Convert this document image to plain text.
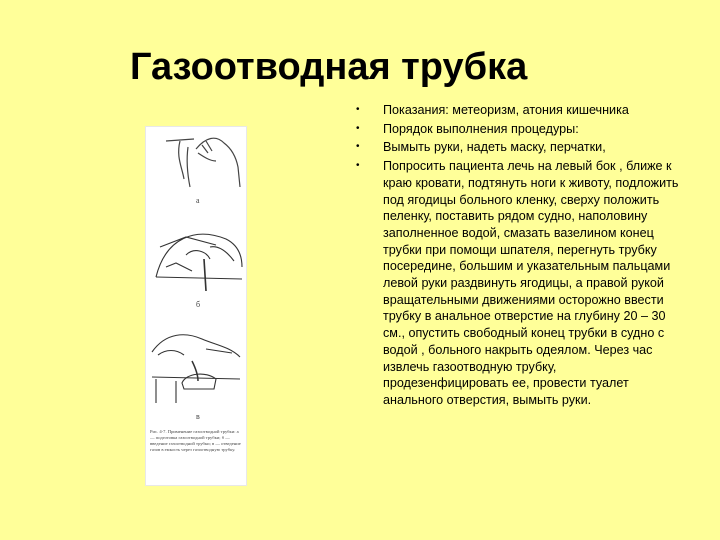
Газоотводная трубка
а
б
в
Рис. 4-7. Применение газоотводной трубки: а — подготовка газоотводной трубки; б — введение газоотводной трубки; в — отведение газов в емкость через газоотводную трубку.
• Показания: метеоризм, атония кишечника
• Порядок выполнения процедуры:
• Вымыть руки, надеть маску, перчатки,
• Попросить пациента лечь на левый бок , ближе к краю кровати, подтянуть ноги к животу, подложить под ягодицы больного кленку, сверху положить пеленку, поставить рядом судно, наполовину заполненное водой, смазать вазелином конец трубки при помощи шпателя, перегнуть трубку посередине, большим и указательным пальцами левой руки раздвинуть ягодицы, а правой рукой вращательными движениями осторожно ввести трубку в анальное отверстие на глубину 20 – 30 см., опустить свободный конец трубки в судно с водой , больного накрыть одеялом. Через час извлечь газоотводную трубку, продезенфицировать ее, провести туалет анального отверстия, вымыть руки.
